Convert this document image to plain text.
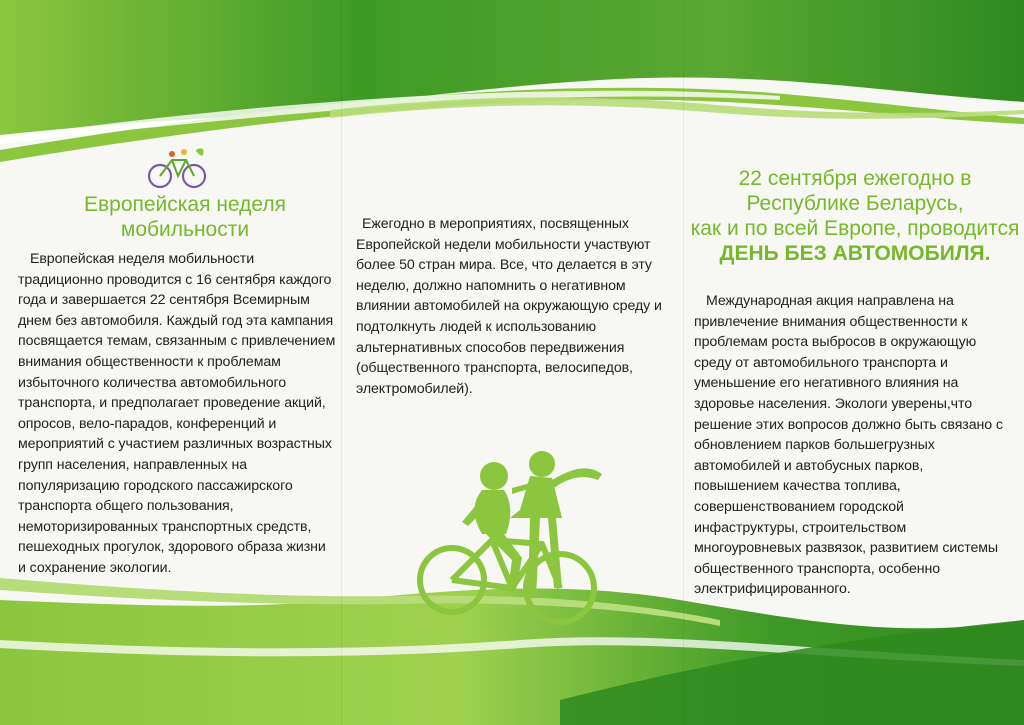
Европейская неделя
мобильности
Европейская неделя мобильности традиционно проводится с 16 сентября каждого года и завершается 22 сентября Всемирным днем без автомобиля. Каждый год эта кампания посвящается темам, связанным с привлечением внимания общественности к проблемам избыточного количества автомобильного транспорта, и предполагает проведение акций, опросов, вело-парадов, конференций и мероприятий с участием различных возрастных групп населения, направленных на популяризацию городского пассажирского транспорта общего пользования, немоторизированных транспортных средств, пешеходных прогулок, здорового образа жизни и сохранение экологии.
Ежегодно в мероприятиях, посвященных Европейской недели мобильности участвуют более 50 стран мира. Все, что делается в эту неделю, должно напомнить о негативном влиянии автомобилей на окружающую среду и подтолкнуть людей к использованию альтернативных способов передвижения (общественного транспорта, велосипедов, электромобилей).
22 сентября ежегодно в
Республике Беларусь,
как и по всей Европе, проводится
ДЕНЬ БЕЗ АВТОМОБИЛЯ.
Международная акция направлена на привлечение внимания общественности к проблемам роста выбросов в окружающую среду от автомобильного транспорта и уменьшение его негативного влияния на здоровье населения. Экологи уверены,что решение этих вопросов должно быть связано с обновлением парков большегрузных автомобилей и автобусных парков, повышением качества топлива, совершенствованием городской инфаструктуры, строительством многоуровневых развязок, развитием системы общественного транспорта, особенно электрифицированного.
